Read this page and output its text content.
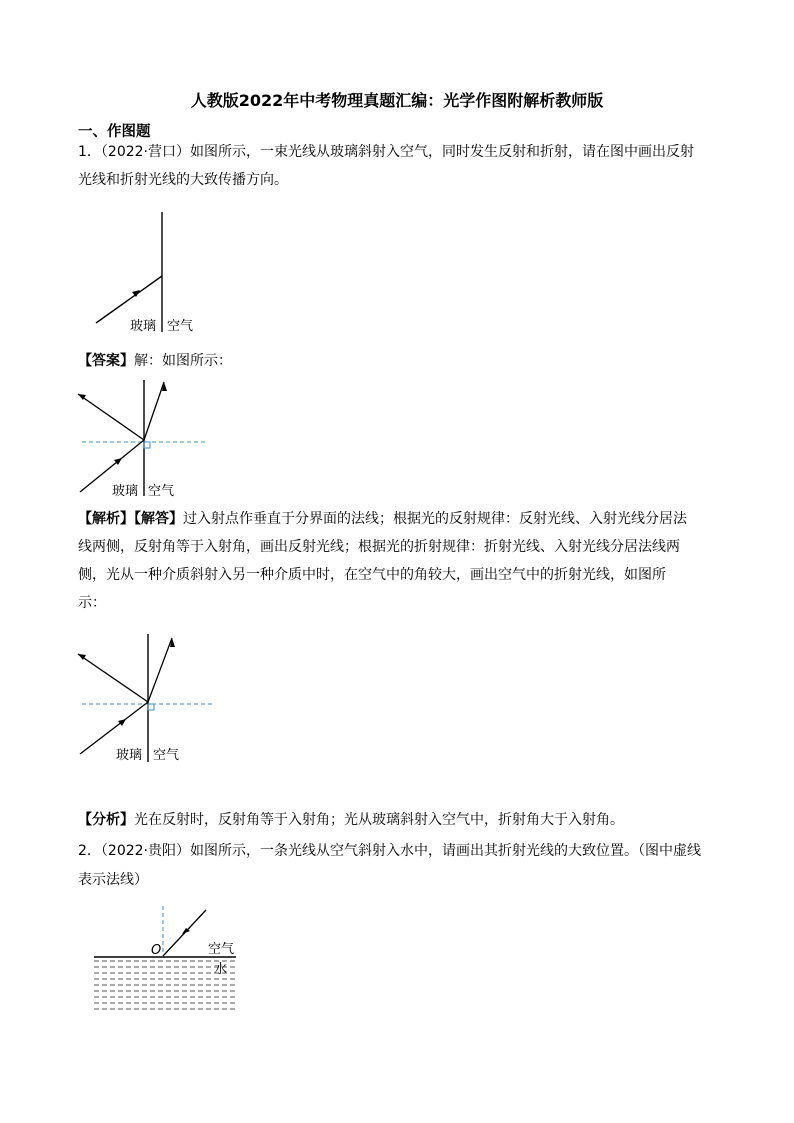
人教版2022年中考物理真题汇编：光学作图附解析教师版
一、作图题
1．（2022·营口）如图所示，一束光线从玻璃斜射入空气，同时发生反射和折射，请在图中画出反射
光线和折射光线的大致传播方向。
玻璃 空气
【答案】解：如图所示：
玻璃 空气
【解析】【解答】过入射点作垂直于分界面的法线；根据光的反射规律：反射光线、入射光线分居法
线两侧，反射角等于入射角，画出反射光线；根据光的折射规律：折射光线、入射光线分居法线两
侧，光从一种介质斜射入另一种介质中时，在空气中的角较大，画出空气中的折射光线，如图所
示：
玻璃 空气
【分析】光在反射时，反射角等于入射角；光从玻璃斜射入空气中，折射角大于入射角。
2．（2022·贵阳）如图所示，一条光线从空气斜射入水中，请画出其折射光线的大致位置。（图中虚线
表示法线）
O	空气
水
